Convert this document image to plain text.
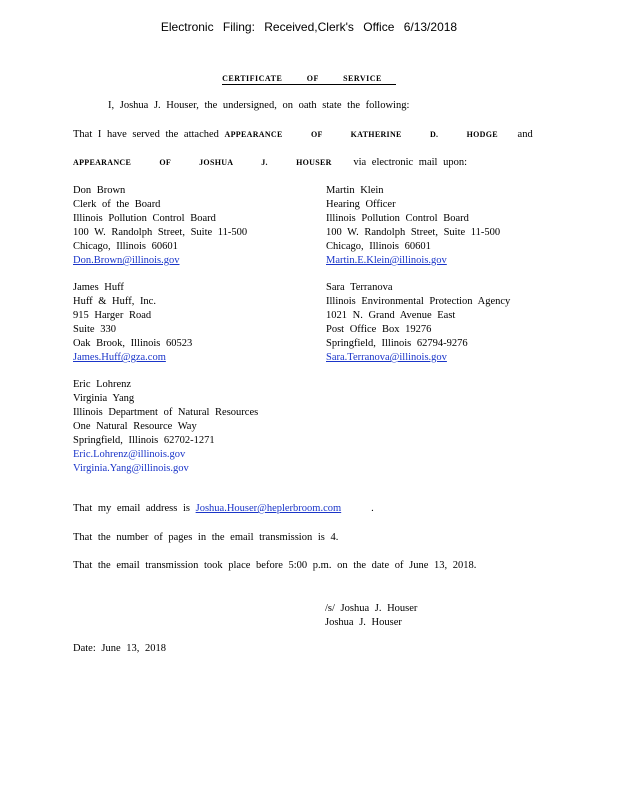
Electronic Filing: Received,Clerk's Office 6/13/2018
CERTIFICATE OF SERVICE
I, Joshua J. Houser, the undersigned, on oath state the following:
That I have served the attached APPEARANCE OF KATHERINE D. HODGE and
APPEARANCE OF JOSHUA J. HOUSER via electronic mail upon:
Don Brown
Clerk of the Board
Illinois Pollution Control Board
100 W. Randolph Street, Suite 11-500
Chicago, Illinois 60601
Don.Brown@illinois.gov
Martin Klein
Hearing Officer
Illinois Pollution Control Board
100 W. Randolph Street, Suite 11-500
Chicago, Illinois 60601
Martin.E.Klein@illinois.gov
James Huff
Huff & Huff, Inc.
915 Harger Road
Suite 330
Oak Brook, Illinois 60523
James.Huff@gza.com
Sara Terranova
Illinois Environmental Protection Agency
1021 N. Grand Avenue East
Post Office Box 19276
Springfield, Illinois 62794-9276
Sara.Terranova@illinois.gov
Eric Lohrenz
Virginia Yang
Illinois Department of Natural Resources
One Natural Resource Way
Springfield, Illinois 62702-1271
Eric.Lohrenz@illinois.gov
Virginia.Yang@illinois.gov
That my email address is Joshua.Houser@heplerbroom.com	.
That the number of pages in the email transmission is 4.
That the email transmission took place before 5:00 p.m. on the date of June 13, 2018.
/s/ Joshua J. Houser
Joshua J. Houser
Date: June 13, 2018
